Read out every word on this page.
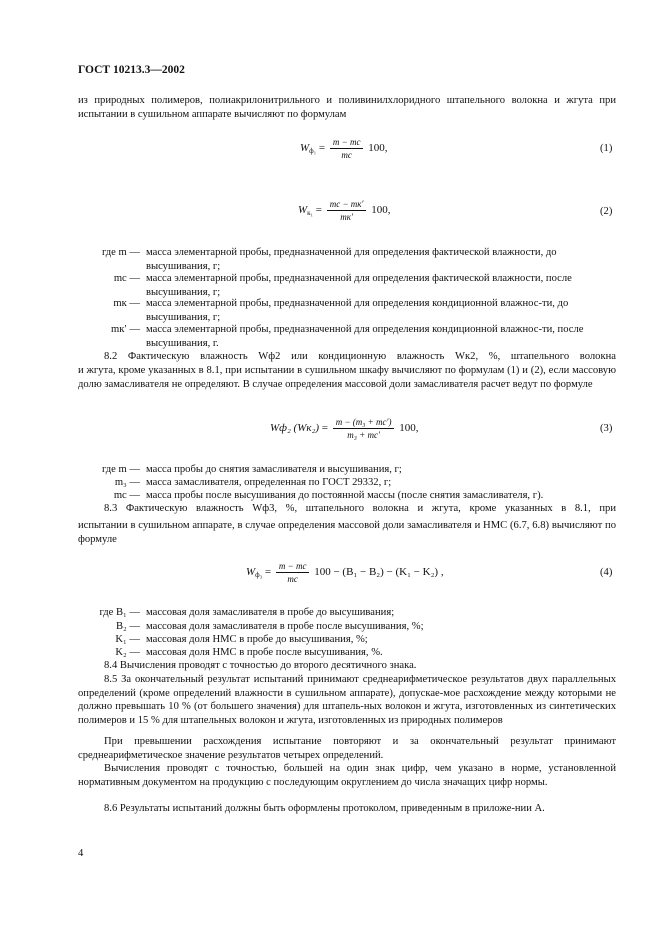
ГОСТ 10213.3—2002
из природных полимеров, полиакрилонитрильного и поливинилхлоридного штапельного волокна и жгута при испытании в сушильном аппарате вычисляют по формулам
$W_{ф_1} = \frac{m - mс}{mс} 100$,	(1)
$W_{к_1} = \frac{mс - mк'}{mк'} 100$,	(2)
где m — масса элементарной пробы, предназначенной для определения фактической влажности, до высушивания, г;
mс — масса элементарной пробы, предназначенной для определения фактической влажности, после высушивания, г;
mк — масса элементарной пробы, предназначенной для определения кондиционной влажнос-ти, до высушивания, г;
mк′ — масса элементарной пробы, предназначенной для определения кондиционной влажнос-ти, после высушивания, г.
8.2 Фактическую влажность Wф2 или кондиционную влажность Wк2, %, штапельного волокна
и жгута, кроме указанных в 8.1, при испытании в сушильном шкафу вычисляют по формулам (1) и (2), если массовую долю замасливателя не определяют. В случае определения массовой доли замасливателя расчет ведут по формуле
Wф₂ $(Wк_2) = \frac{\text{m − (m₃ + mс′)}}{\text{m₃ + mс′}} 100$,	(3)
где m — масса пробы до снятия замасливателя и высушивания, г;
m₃ — масса замасливателя, определенная по ГОСТ 29332, г;
mс — масса пробы после высушивания до постоянной массы (после снятия замасливателя, г).
8.3 Фактическую влажность Wф3, %, штапельного волокна и жгута, кроме указанных в 8.1, при
испытании в сушильном аппарате, в случае определения массовой доли замасливателя и НМС (6.7, 6.8) вычисляют по формуле
$W_{ф_3} = \frac{m - mс}{mс} 100 - (B_1 - B_2) - (K_1 - K_2)$ ,	(4)
где B₁ — массовая доля замасливателя в пробе до высушивания;
B₂ — массовая доля замасливателя в пробе после высушивания, %;
K₁ — массовая доля НМС в пробе до высушивания, %;
K₂ — массовая доля НМС в пробе после высушивания, %.
8.4 Вычисления проводят с точностью до второго десятичного знака.
8.5 За окончательный результат испытаний принимают среднеарифметическое результатов двух параллельных определений (кроме определений влажности в сушильном аппарате), допускае-мое расхождение между которыми не должно превышать 10 % (от большего значения) для штапель-ных волокон и жгута, изготовленных из синтетических полимеров и 15 % для штапельных волокон и жгута, изготовленных из природных полимеров
При превышении расхождения испытание повторяют и за окончательный результат принимают среднеарифметическое значение результатов четырех определений.
Вычисления проводят с точностью, большей на один знак цифр, чем указано в норме, установленной нормативным документом на продукцию с последующим округлением до числа значащих цифр нормы.
8.6 Результаты испытаний должны быть оформлены протоколом, приведенным в приложе-нии А.
4
